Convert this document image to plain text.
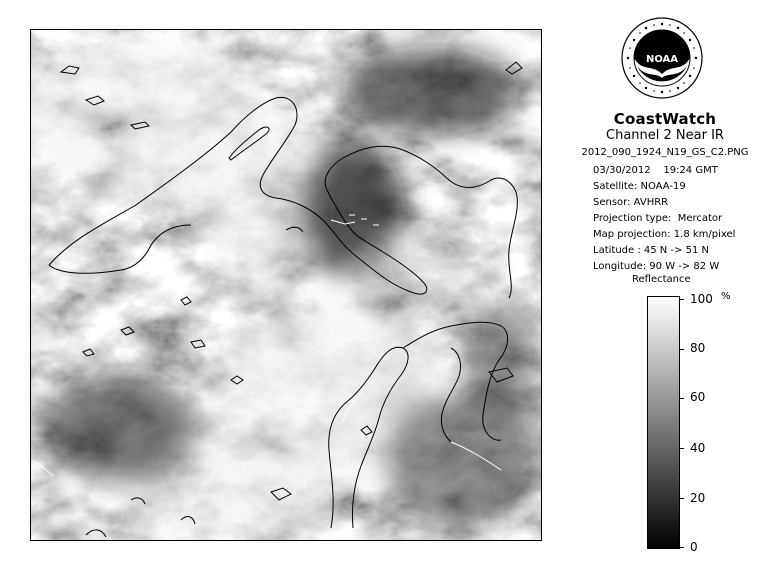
NOAA
CoastWatch
Channel 2 Near IR
2012_090_1924_N19_GS_C2.PNG
03/30/2012    19:24 GMT
Satellite: NOAA-19
Sensor: AVHRR
Projection type:  Mercator
Map projection: 1.8 km/pixel
Latitude : 45 N -> 51 N
Longitude: 90 W -> 82 W
Reflectance
%
100
80
60
40
20
0
